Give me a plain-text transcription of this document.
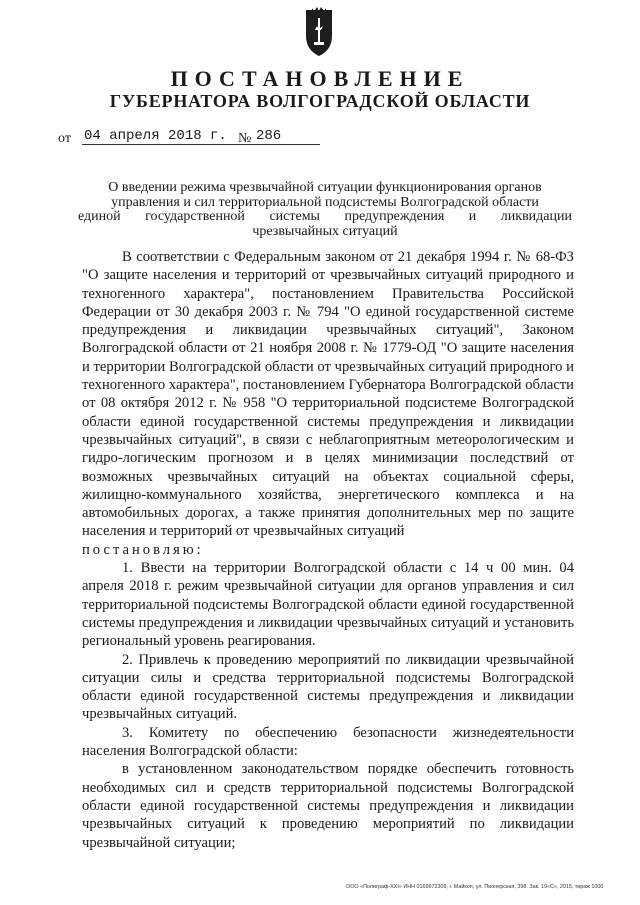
ПОСТАНОВЛЕНИЕ
ГУБЕРНАТОРА ВОЛГОГРАДСКОЙ ОБЛАСТИ
от 04 апреля 2018 г. № 286
О введении режима чрезвычайной ситуации функционирования органов
управления и сил территориальной подсистемы Волгоградской области
единой государственной системы предупреждения и ликвидации
чрезвычайных ситуаций

В соответствии с Федеральным законом от 21 декабря 1994 г. № 68-ФЗ "О защите населения и территорий от чрезвычайных ситуаций природного и техногенного характера", постановлением Правительства Российской Федерации от 30 декабря 2003 г. № 794 "О единой государственной системе предупреждения и ликвидации чрезвычайных ситуаций", Законом Волгоградской области от 21 ноября 2008 г. № 1779-ОД "О защите населения и территории Волгоградской области от чрезвычайных ситуаций природного и техногенного характера", постановлением Губернатора Волгоградской области от 08 октября 2012 г. № 958 "О территориальной подсистеме Волгоградской области единой государственной системы предупреждения и ликвидации чрезвычайных ситуаций", в связи с неблагоприятным метеорологическим и гидро-логическим прогнозом и в целях минимизации последствий от возможных чрезвычайных ситуаций на объектах социальной сферы, жилищно-коммунального хозяйства, энергетического комплекса и на автомобильных дорогах, а также принятия дополнительных мер по защите населения и территорий от чрезвычайных ситуаций

постановляю:

1. Ввести на территории Волгоградской области с 14 ч 00 мин. 04 апреля 2018 г. режим чрезвычайной ситуации для органов управления и сил территориальной подсистемы Волгоградской области единой государственной системы предупреждения и ликвидации чрезвычайных ситуаций и установить региональный уровень реагирования.

2. Привлечь к проведению мероприятий по ликвидации чрезвычайной ситуации силы и средства территориальной подсистемы Волгоградской области единой государственной системы предупреждения и ликвидации чрезвычайных ситуаций.

3. Комитету по обеспечению безопасности жизнедеятельности населения Волгоградской области:

в установленном законодательством порядке обеспечить готовность необходимых сил и средств территориальной подсистемы Волгоградской области единой государственной системы предупреждения и ликвидации чрезвычайных ситуаций к проведению мероприятий по ликвидации чрезвычайной ситуации;

ООО «Полиграф-ХХI» ИНН 0169972309, г. Майкоп, ул. Пионерская, 398. Зак. 19«С», 2015, тираж 1000
